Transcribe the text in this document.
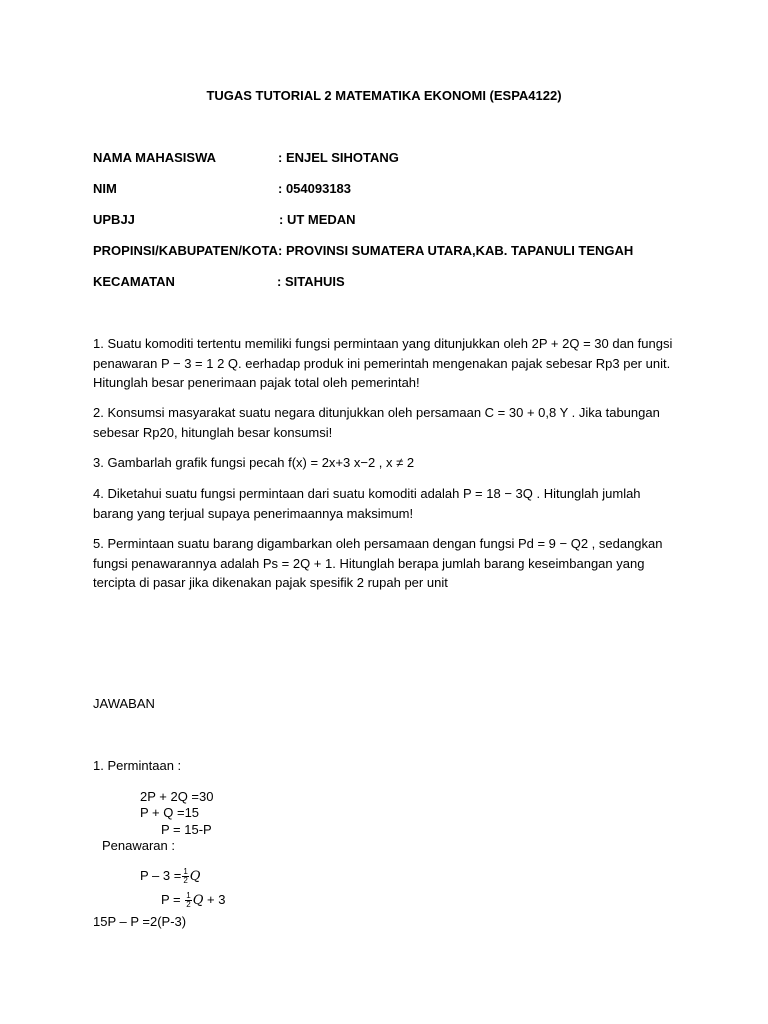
TUGAS TUTORIAL 2 MATEMATIKA EKONOMI (ESPA4122)
NAMA MAHASISWA	: ENJEL SIHOTANG
NIM	: 054093183
UPBJJ	: UT MEDAN
PROPINSI/KABUPATEN/KOTA : PROVINSI SUMATERA UTARA,KAB. TAPANULI TENGAH
KECAMATAN	: SITAHUIS
1. Suatu komoditi tertentu memiliki fungsi permintaan yang ditunjukkan oleh 2P + 2Q = 30 dan fungsi penawaran P − 3 = 1 2 Q. eerhadap produk ini pemerintah mengenakan pajak sebesar Rp3 per unit. Hitunglah besar penerimaan pajak total oleh pemerintah!
2. Konsumsi masyarakat suatu negara ditunjukkan oleh persamaan C = 30 + 0,8 Y . Jika tabungan sebesar Rp20, hitunglah besar konsumsi!
3. Gambarlah grafik fungsi pecah f(x) = 2x+3 x−2 , x ≠ 2
4. Diketahui suatu fungsi permintaan dari suatu komoditi adalah P = 18 − 3Q . Hitunglah jumlah barang yang terjual supaya penerimaannya maksimum!
5. Permintaan suatu barang digambarkan oleh persamaan dengan fungsi Pd = 9 − Q2 , sedangkan fungsi penawarannya adalah Ps = 2Q + 1. Hitunglah berapa jumlah barang keseimbangan yang tercipta di pasar jika dikenakan pajak spesifik 2 rupah per unit
JAWABAN
1. Permintaan :
2P + 2Q =30
P + Q =15
P = 15-P
Penawaran :
$P - 3 = \frac{1}{2}$ Q
$P = \frac{1}{2}$ Q + 3
15P – P =2(P-3)
